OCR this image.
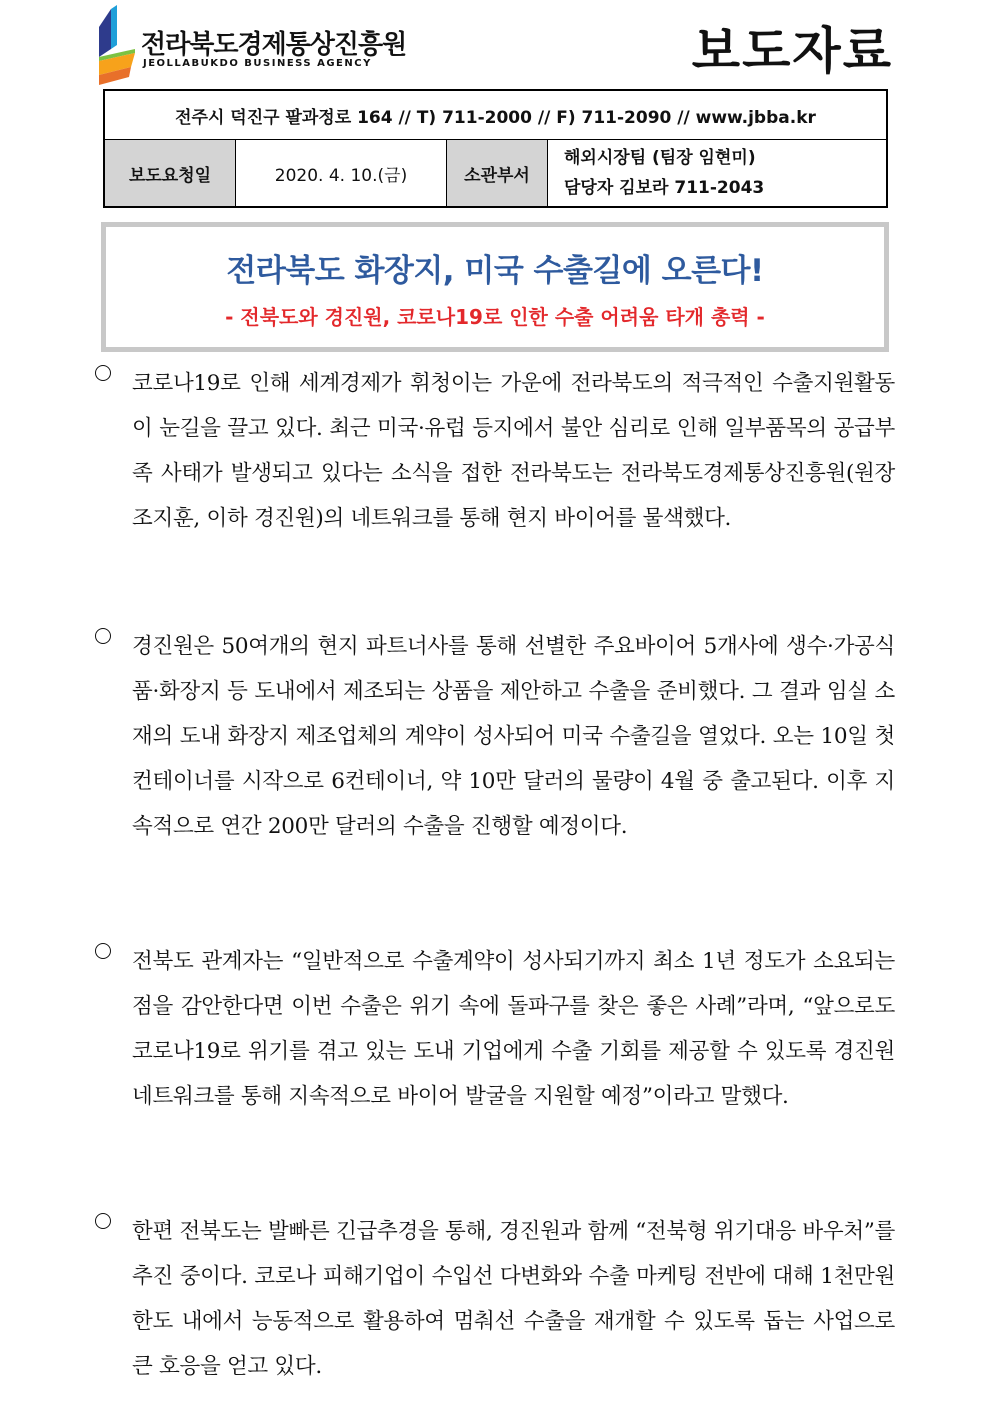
전라북도경제통상진흥원
JEOLLABUKDO BUSINESS AGENCY	보도자료
전주시 덕진구 팔과정로 164 // T) 711-2000 // F) 711-2090 // www.jbba.kr
보도요청일	2020. 4. 10.(금)	소관부서	
해외시장팀 (팀장 임현미)
담당자 김보라 711-2043
전라북도 화장지, 미국 수출길에 오른다!
- 전북도와 경진원, 코로나19로 인한 수출 어려움 타개 총력 -
코로나19로 인해 세계경제가 휘청이는 가운에 전라북도의 적극적인 수출지원활동이 눈길을 끌고 있다. 최근 미국·유럽 등지에서 불안 심리로 인해 일부품목의 공급부족 사태가 발생되고 있다는 소식을 접한 전라북도는 전라북도경제통상진흥원(원장 조지훈, 이하 경진원)의 네트워크를 통해 현지 바이어를 물색했다.
경진원은 50여개의 현지 파트너사를 통해 선별한 주요바이어 5개사에 생수·가공식품·화장지 등 도내에서 제조되는 상품을 제안하고 수출을 준비했다. 그 결과 임실 소재의 도내 화장지 제조업체의 계약이 성사되어 미국 수출길을 열었다. 오는 10일 첫 컨테이너를 시작으로 6컨테이너, 약 10만 달러의 물량이 4월 중 출고된다. 이후 지속적으로 연간 200만 달러의 수출을 진행할 예정이다.
전북도 관계자는 “일반적으로 수출계약이 성사되기까지 최소 1년 정도가 소요되는 점을 감안한다면 이번 수출은 위기 속에 돌파구를 찾은 좋은 사례”라며, “앞으로도 코로나19로 위기를 겪고 있는 도내 기업에게 수출 기회를 제공할 수 있도록 경진원 네트워크를 통해 지속적으로 바이어 발굴을 지원할 예정”이라고 말했다.
한편 전북도는 발빠른 긴급추경을 통해, 경진원과 함께 “전북형 위기대응 바우처”를 추진 중이다. 코로나 피해기업이 수입선 다변화와 수출 마케팅 전반에 대해 1천만원 한도 내에서 능동적으로 활용하여 멈춰선 수출을 재개할 수 있도록 돕는 사업으로 큰 호응을 얻고 있다.
